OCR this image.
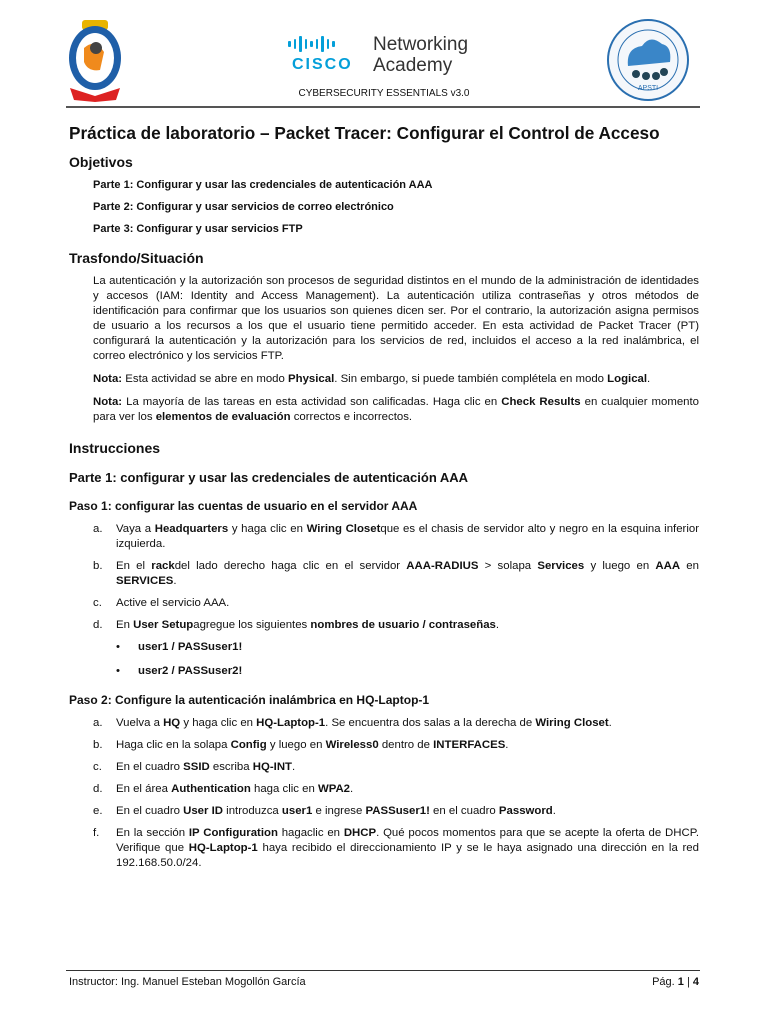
CISCO
Networking
Academy
CYBERSECURITY ESSENTIALS v3.0	APSTI
Práctica de laboratorio – Packet Tracer: Configurar el Control de Acceso
Objetivos
Parte 1: Configurar y usar las credenciales de autenticación AAA
Parte 2: Configurar y usar servicios de correo electrónico
Parte 3: Configurar y usar servicios FTP
Trasfondo/Situación
La autenticación y la autorización son procesos de seguridad distintos en el mundo de la administración de identidades y accesos (IAM: Identity and Access Management). La autenticación utiliza contraseñas y otros métodos de identificación para confirmar que los usuarios son quienes dicen ser. Por el contrario, la autorización asigna permisos de usuario a los recursos a los que el usuario tiene permitido acceder. En esta actividad de Packet Tracer (PT) configurará la autenticación y la autorización para los servicios de red, incluidos el acceso a la red inalámbrica, el correo electrónico y los servicios FTP.
Nota: Esta actividad se abre en modo Physical. Sin embargo, si puede también complétela en modo Logical.
Nota: La mayoría de las tareas en esta actividad son calificadas. Haga clic en Check Results en cualquier momento para ver los elementos de evaluación correctos e incorrectos.
Instrucciones
Parte 1: configurar y usar las credenciales de autenticación AAA
Paso 1: configurar las cuentas de usuario en el servidor AAA
a. Vaya a Headquarters y haga clic en Wiring Closetque es el chasis de servidor alto y negro en la esquina inferior izquierda.
b. En el rackdel lado derecho haga clic en el servidor AAA-RADIUS > solapa Services y luego en AAA en SERVICES.
c. Active el servicio AAA.
d. En User Setupagregue los siguientes nombres de usuario / contraseñas.
• user1 / PASSuser1!
• user2 / PASSuser2!
Paso 2: Configure la autenticación inalámbrica en HQ-Laptop-1
a. Vuelva a HQ y haga clic en HQ-Laptop-1. Se encuentra dos salas a la derecha de Wiring Closet.
b. Haga clic en la solapa Config y luego en Wireless0 dentro de INTERFACES.
c. En el cuadro SSID escriba HQ-INT.
d. En el área Authentication haga clic en WPA2.
e. En el cuadro User ID introduzca user1 e ingrese PASSuser1! en el cuadro Password.
f. En la sección IP Configuration hagaclic en DHCP. Qué pocos momentos para que se acepte la oferta de DHCP. Verifique que HQ-Laptop-1 haya recibido el direccionamiento IP y se le haya asignado una dirección en la red 192.168.50.0/24.
Instructor: Ing. Manuel Esteban Mogollón García	Pág. 1 | 4
